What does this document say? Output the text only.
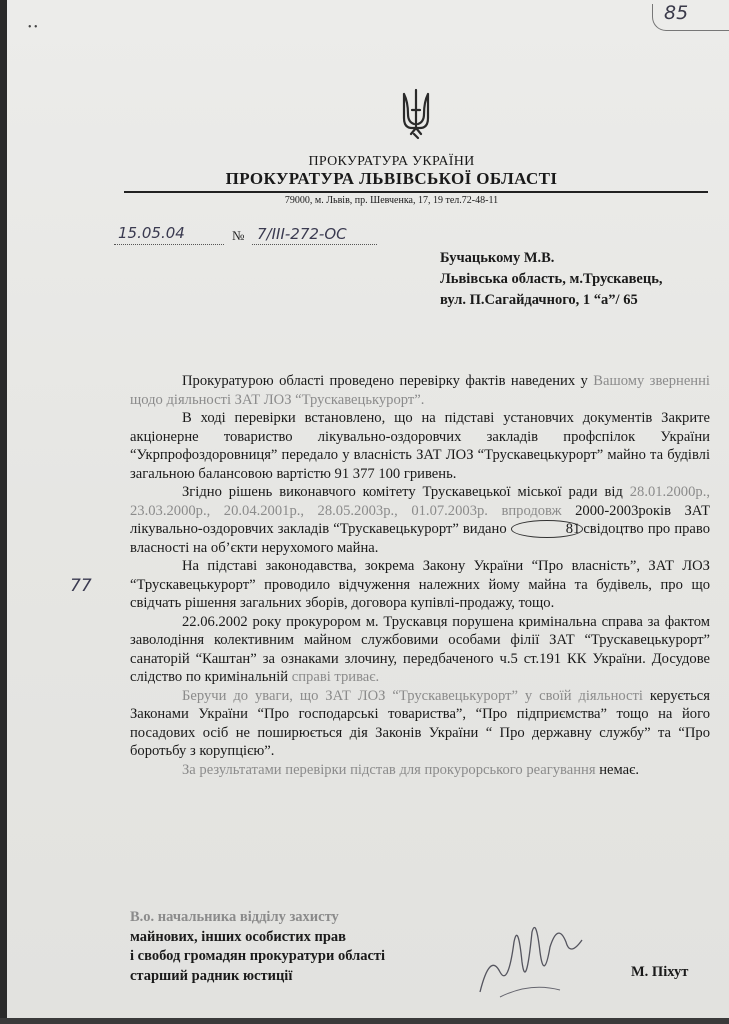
• •
85
ПРОКУРАТУРА УКРАЇНИ
ПРОКУРАТУРА ЛЬВІВСЬКОЇ ОБЛАСТІ
79000, м. Львів, пр. Шевченка, 17, 19 тел.72-48-11
15.05.04	№ 7/ІІІ-272-ОС
Бучацькому М.В.
Львівська область, м.Трускавець,
вул. П.Сагайдачного, 1 “а”/ 65
77

Прокуратурою області проведено перевірку фактів наведених у Вашому зверненні щодо діяльності ЗАТ ЛОЗ “Трускавецькурорт”.

В ході перевірки встановлено, що на підставі установчих документів Закрите акціонерне товариство лікувально-оздоровчих закладів профспілок України “Укрпрофоздоровниця” передало у власність ЗАТ ЛОЗ “Трускавецькурорт” майно та будівлі загальною балансовою вартістю 91 377 100 гривень.

Згідно рішень виконавчого комітету Трускавецької міської ради від 28.01.2000р., 23.03.2000р., 20.04.2001р., 28.05.2003р., 01.07.2003р. впродовж 2000-2003років ЗАТ лікувально-оздоровчих закладів “Трускавецькурорт” видано	81 свідоцтво про право власності на об’єкти нерухомого майна.

На підставі законодавства, зокрема Закону України “Про власність”, ЗАТ ЛОЗ “Трускавецькурорт” проводило відчуження належних йому майна та будівель, про що свідчать рішення загальних зборів, договора купівлі-продажу, тощо.

22.06.2002 року прокурором м. Трускавця порушена кримінальна справа за фактом заволодіння колективним майном службовими особами філії ЗАТ “Трускавецькурорт” санаторій “Каштан” за ознаками злочину, передбаченого ч.5 ст.191 КК України. Досудове слідство по кримінальній справі триває.

Беручи до уваги, що ЗАТ ЛОЗ “Трускавецькурорт” у своїй діяльності керується Законами України “Про господарські товариства”, “Про підприємства” тощо на його посадових осіб не поширюється дія Законів України “ Про державну службу” та “Про боротьбу з корупцією”.

За результатами перевірки підстав для прокурорського реагування немає.

В.о. начальника відділу захисту
майнових, інших особистих прав
і свобод громадян прокуратури області
старший радник юстиції	М. Піхут
